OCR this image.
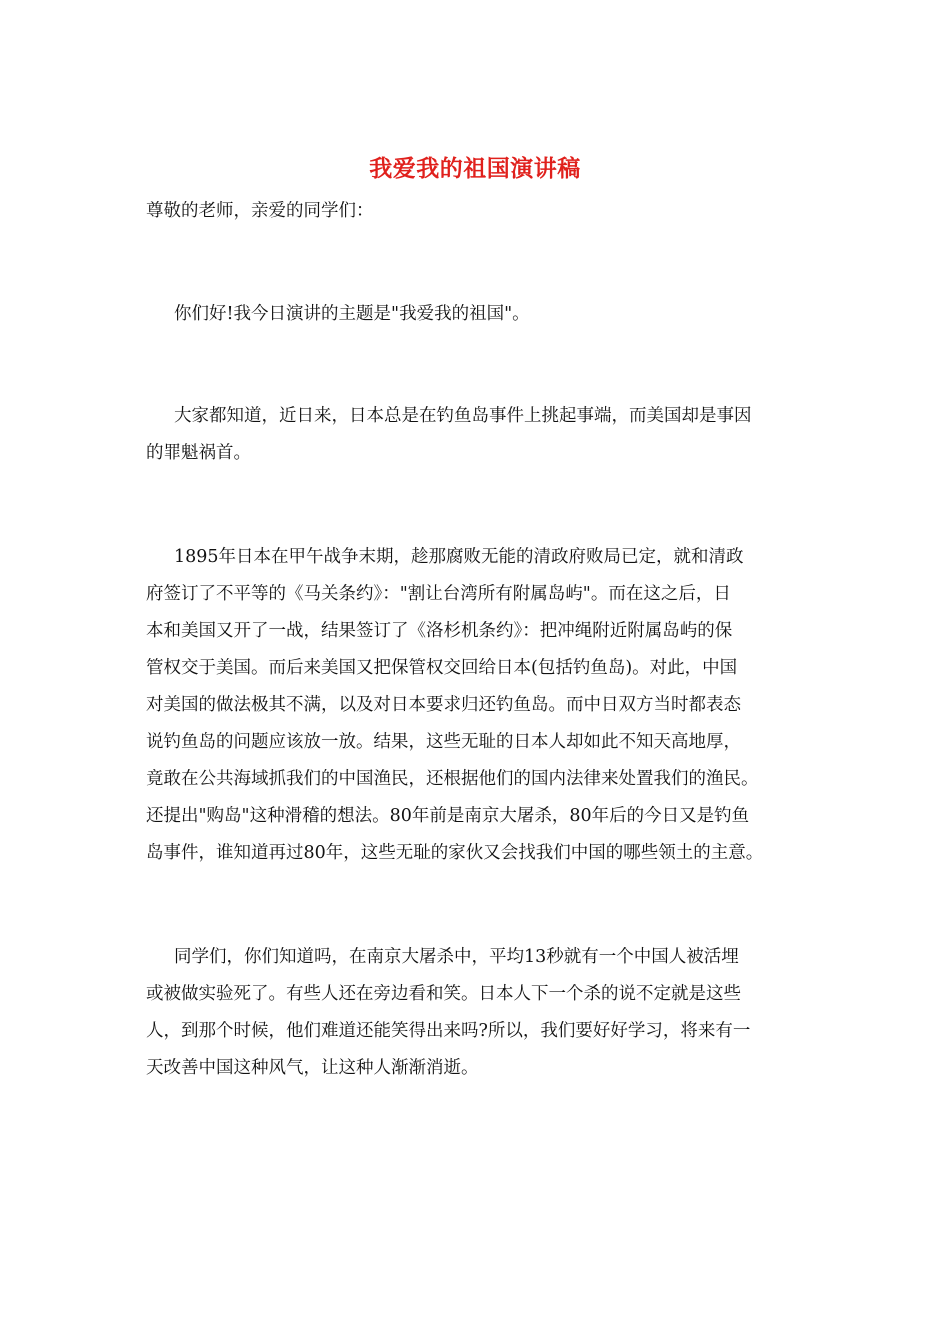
我爱我的祖国演讲稿
尊敬的老师，亲爱的同学们：
你们好!我今日演讲的主题是"我爱我的祖国"。
大家都知道，近日来，日本总是在钓鱼岛事件上挑起事端，而美国却是事因
的罪魁祸首。
1895年日本在甲午战争末期，趁那腐败无能的清政府败局已定，就和清政
府签订了不平等的《马关条约》："割让台湾所有附属岛屿"。而在这之后，日
本和美国又开了一战，结果签订了《洛杉机条约》：把冲绳附近附属岛屿的保
管权交于美国。而后来美国又把保管权交回给日本(包括钓鱼岛)。对此，中国
对美国的做法极其不满，以及对日本要求归还钓鱼岛。而中日双方当时都表态
说钓鱼岛的问题应该放一放。结果，这些无耻的日本人却如此不知天高地厚，
竟敢在公共海域抓我们的中国渔民，还根据他们的国内法律来处置我们的渔民。
还提出"购岛"这种滑稽的想法。80年前是南京大屠杀，80年后的今日又是钓鱼
岛事件，谁知道再过80年，这些无耻的家伙又会找我们中国的哪些领土的主意。
同学们，你们知道吗，在南京大屠杀中，平均13秒就有一个中国人被活埋
或被做实验死了。有些人还在旁边看和笑。日本人下一个杀的说不定就是这些
人，到那个时候，他们难道还能笑得出来吗?所以，我们要好好学习，将来有一
天改善中国这种风气，让这种人渐渐消逝。
